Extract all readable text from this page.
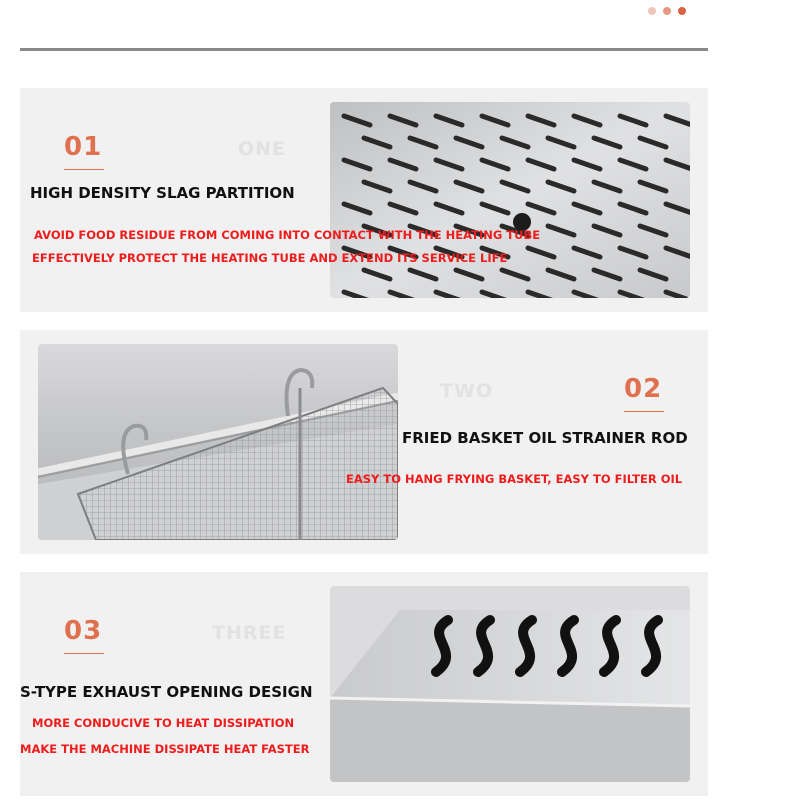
01	ONE
HIGH DENSITY SLAG PARTITION
AVOID FOOD RESIDUE FROM COMING INTO CONTACT WITH THE HEATING TUBE
EFFECTIVELY PROTECT THE HEATING TUBE AND EXTEND ITS SERVICE LIFE
TWO	02
FRIED BASKET OIL STRAINER ROD
EASY TO HANG FRYING BASKET, EASY TO FILTER OIL
03	THREE
S-TYPE EXHAUST OPENING DESIGN
MORE CONDUCIVE TO HEAT DISSIPATION
MAKE THE MACHINE DISSIPATE HEAT FASTER
